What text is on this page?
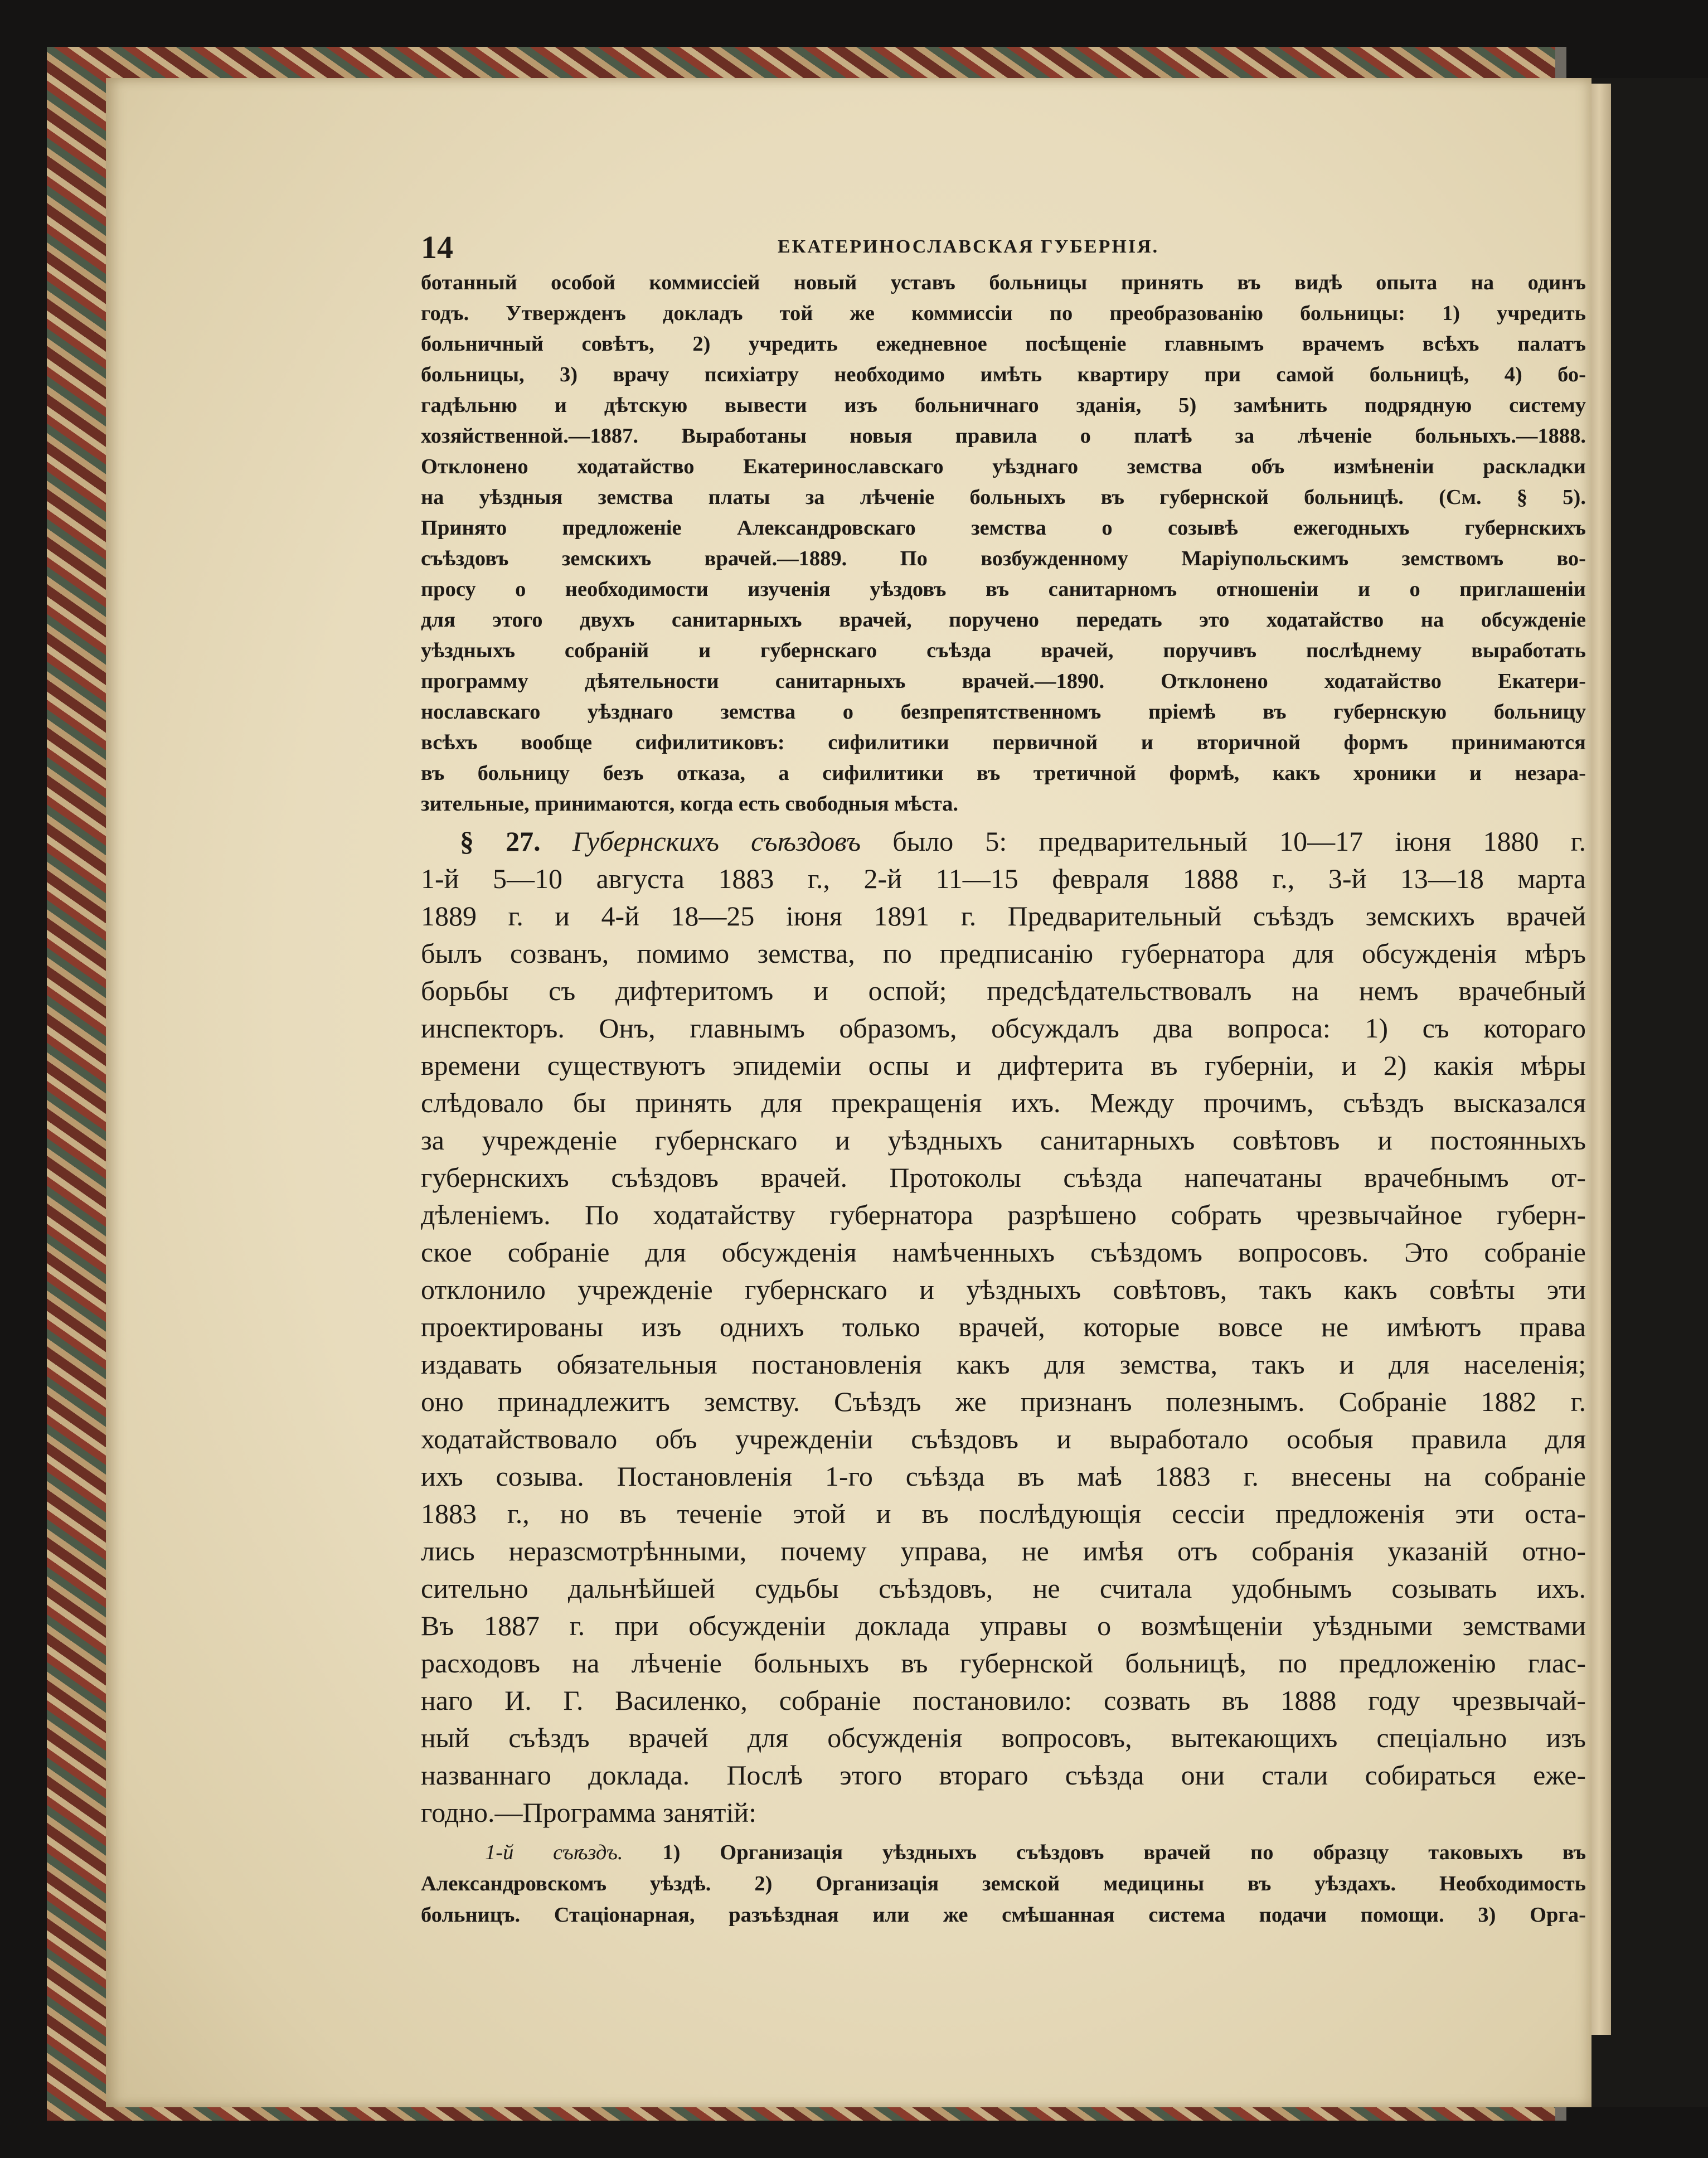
14	ЕКАТЕРИНОСЛАВСКАЯ ГУБЕРНІЯ.

ботанный особой коммиссіей новый уставъ больницы принять въ видѣ опыта на одинъ

годъ. Утвержденъ докладъ той же коммиссіи по преобразованію больницы: 1) учредить

больничный совѣтъ, 2) учредить ежедневное посѣщеніе главнымъ врачемъ всѣхъ палатъ

больницы, 3) врачу психіатру необходимо имѣть квартиру при самой больницѣ, 4) бо-

гадѣльню и дѣтскую вывести изъ больничнаго зданія, 5) замѣнить подрядную систему

хозяйственной.—1887. Выработаны новыя правила о платѣ за лѣченіе больныхъ.—1888.

Отклонено ходатайство Екатеринославскаго уѣзднаго земства объ измѣненіи раскладки

на уѣздныя земства платы за лѣченіе больныхъ въ губернской больницѣ. (См. § 5).

Принято предложеніе Александровскаго земства о созывѣ ежегодныхъ губернскихъ

съѣздовъ земскихъ врачей.—1889. По возбужденному Маріупольскимъ земствомъ во-

просу о необходимости изученія уѣздовъ въ санитарномъ отношеніи и о приглашеніи

для этого двухъ санитарныхъ врачей, поручено передать это ходатайство на обсужденіе

уѣздныхъ собраній и губернскаго съѣзда врачей, поручивъ послѣднему выработать

программу дѣятельности санитарныхъ врачей.—1890. Отклонено ходатайство Екатери-

нославскаго уѣзднаго земства о безпрепятственномъ пріемѣ въ губернскую больницу

всѣхъ вообще сифилитиковъ: сифилитики первичной и вторичной формъ принимаются

въ больницу безъ отказа, а сифилитики въ третичной формѣ, какъ хроники и незара-

зительные, принимаются, когда есть свободныя мѣста.

§ 27. Губернскихъ съѣздовъ было 5: предварительный 10—17 іюня 1880 г.

1-й 5—10 августа 1883 г., 2-й 11—15 февраля 1888 г., 3-й 13—18 марта

1889 г. и 4-й 18—25 іюня 1891 г. Предварительный съѣздъ земскихъ врачей

былъ созванъ, помимо земства, по предписанію губернатора для обсужденія мѣръ

борьбы съ дифтеритомъ и оспой; предсѣдательствовалъ на немъ врачебный

инспекторъ. Онъ, главнымъ образомъ, обсуждалъ два вопроса: 1) съ котораго

времени существуютъ эпидеміи оспы и дифтерита въ губерніи, и 2) какія мѣры

слѣдовало бы принять для прекращенія ихъ. Между прочимъ, съѣздъ высказался

за учрежденіе губернскаго и уѣздныхъ санитарныхъ совѣтовъ и постоянныхъ

губернскихъ съѣздовъ врачей. Протоколы съѣзда напечатаны врачебнымъ от-

дѣленіемъ. По ходатайству губернатора разрѣшено собрать чрезвычайное губерн-

ское собраніе для обсужденія намѣченныхъ съѣздомъ вопросовъ. Это собраніе

отклонило учрежденіе губернскаго и уѣздныхъ совѣтовъ, такъ какъ совѣты эти

проектированы изъ однихъ только врачей, которые вовсе не имѣютъ права

издавать обязательныя постановленія какъ для земства, такъ и для населенія;

оно принадлежитъ земству. Съѣздъ же признанъ полезнымъ. Собраніе 1882 г.

ходатайствовало объ учрежденіи съѣздовъ и выработало особыя правила для

ихъ созыва. Постановленія 1-го съѣзда въ маѣ 1883 г. внесены на собраніе

1883 г., но въ теченіе этой и въ послѣдующія сессіи предложенія эти оста-

лись неразсмотрѣнными, почему управа, не имѣя отъ собранія указаній отно-

сительно дальнѣйшей судьбы съѣздовъ, не считала удобнымъ созывать ихъ.

Въ 1887 г. при обсужденіи доклада управы о возмѣщеніи уѣздными земствами

расходовъ на лѣченіе больныхъ въ губернской больницѣ, по предложенію глас-

наго И. Г. Василенко, собраніе постановило: созвать въ 1888 году чрезвычай-

ный съѣздъ врачей для обсужденія вопросовъ, вытекающихъ спеціально изъ

названнаго доклада. Послѣ этого втораго съѣзда они стали собираться еже-

годно.—Программа занятій:

1-й съѣздъ. 1) Организація уѣздныхъ съѣздовъ врачей по образцу таковыхъ въ

Александровскомъ уѣздѣ. 2) Организація земской медицины въ уѣздахъ. Необходимость

больницъ. Стаціонарная, разъѣздная или же смѣшанная система подачи помощи. 3) Орга-
